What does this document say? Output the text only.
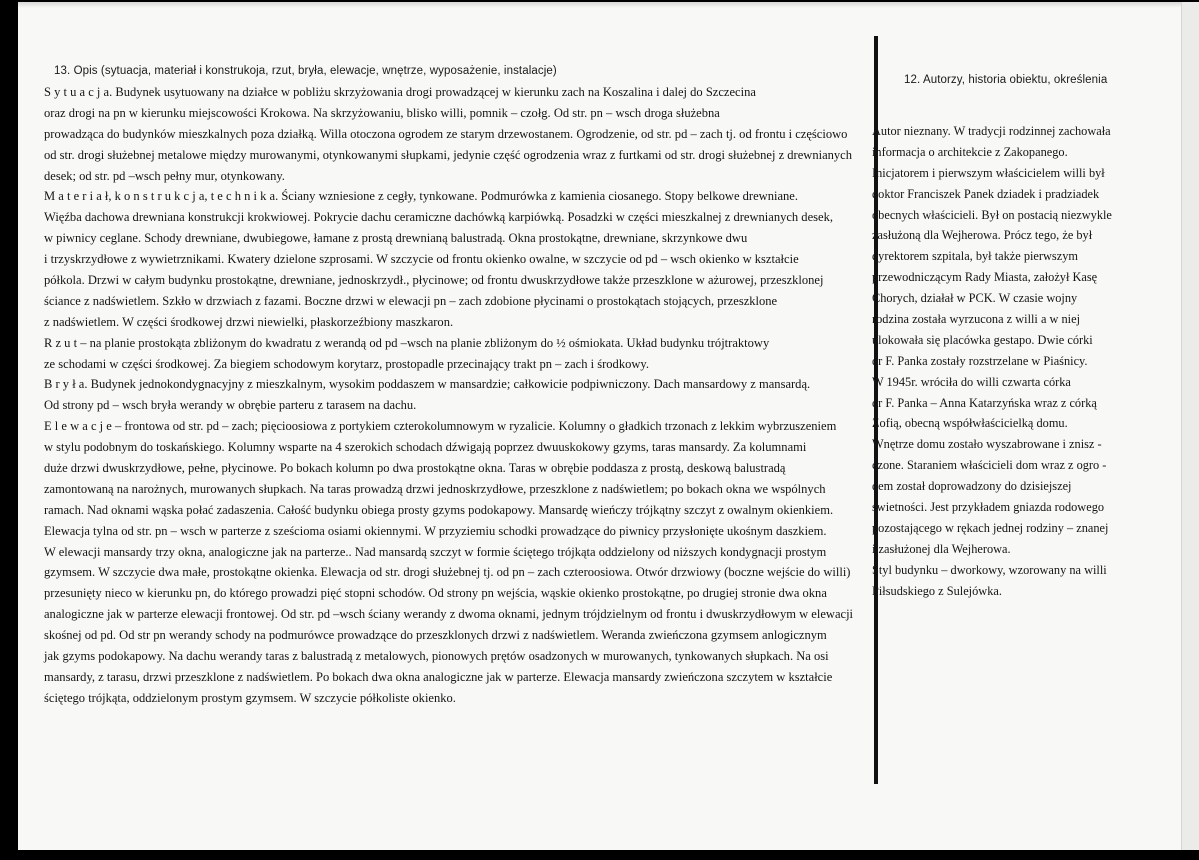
13. Opis (sytuacja, materiał i konstrukoja, rzut, bryła, elewacje, wnętrze, wyposażenie, instalacje)
S y t u a c j a. Budynek usytuowany na działce w pobliżu skrzyżowania drogi prowadzącej w kierunku zach na Koszalina i dalej do Szczecina
oraz drogi na pn w kierunku miejscowości Krokowa. Na skrzyżowaniu, blisko willi, pomnik – czołg. Od str. pn – wsch droga służebna
prowadząca do budynków mieszkalnych poza działką. Willa otoczona ogrodem ze starym drzewostanem. Ogrodzenie, od str. pd – zach tj. od frontu i częściowo
od str. drogi służebnej metalowe między murowanymi, otynkowanymi słupkami, jedynie część ogrodzenia wraz z furtkami od str. drogi służebnej z drewnianych
desek; od str. pd –wsch pełny mur, otynkowany.
M a t e r i a ł, k o n s t r u k c j a, t e c h n i k a. Ściany wzniesione z cegły, tynkowane. Podmurówka z kamienia ciosanego. Stopy belkowe drewniane.
Więźba dachowa drewniana konstrukcji krokwiowej. Pokrycie dachu ceramiczne dachówką karpiówką. Posadzki w części mieszkalnej z drewnianych desek,
w piwnicy ceglane. Schody drewniane, dwubiegowe, łamane z prostą drewnianą balustradą. Okna prostokątne, drewniane, skrzynkowe dwu
i trzyskrzydłowe z wywietrznikami. Kwatery dzielone szprosami. W szczycie od frontu okienko owalne, w szczycie od pd – wsch okienko w kształcie
półkola. Drzwi w całym budynku prostokątne, drewniane, jednoskrzydł., płycinowe; od frontu dwuskrzydłowe także przeszklone w ażurowej, przeszklonej
ściance z nadświetlem. Szkło w drzwiach z fazami. Boczne drzwi w elewacji pn – zach zdobione płycinami o prostokątach stojących, przeszklone
z nadświetlem. W części środkowej drzwi niewielki, płaskorzeźbiony maszkaron.
R z u t – na planie prostokąta zbliżonym do kwadratu z werandą od pd –wsch na planie zbliżonym do ½ ośmiokata. Układ budynku trójtraktowy
ze schodami w części środkowej. Za biegiem schodowym korytarz, prostopadle przecinający trakt pn – zach i środkowy.
B r y ł a. Budynek jednokondygnacyjny z mieszkalnym, wysokim poddaszem w mansardzie; całkowicie podpiwniczony. Dach mansardowy z mansardą.
Od strony pd – wsch bryła werandy w obrębie parteru z tarasem na dachu.
E l e w a c j e – frontowa od str. pd – zach; pięcioosiowa z portykiem czterokolumnowym w ryzalicie. Kolumny o gładkich trzonach z lekkim wybrzuszeniem
w stylu podobnym do toskańskiego. Kolumny wsparte na 4 szerokich schodach dźwigają poprzez dwuuskokowy gzyms, taras mansardy. Za kolumnami
duże drzwi dwuskrzydłowe, pełne, płycinowe. Po bokach kolumn po dwa prostokątne okna. Taras w obrębie poddasza z prostą, deskową balustradą
zamontowaną na narożnych, murowanych słupkach. Na taras prowadzą drzwi jednoskrzydłowe, przeszklone z nadświetlem; po bokach okna we wspólnych
ramach. Nad oknami wąska połać zadaszenia. Całość budynku obiega prosty gzyms podokapowy. Mansardę wieńczy trójkątny szczyt z owalnym okienkiem.
Elewacja tylna od str. pn – wsch w parterze z sześcioma osiami okiennymi. W przyziemiu schodki prowadzące do piwnicy przysłonięte ukośnym daszkiem.
W elewacji mansardy trzy okna, analogiczne jak na parterze.. Nad mansardą szczyt w formie ściętego trójkąta oddzielony od niższych kondygnacji prostym
gzymsem. W szczycie dwa małe, prostokątne okienka. Elewacja od str. drogi służebnej tj. od pn – zach czteroosiowa. Otwór drzwiowy (boczne wejście do willi)
przesunięty nieco w kierunku pn, do którego prowadzi pięć stopni schodów. Od strony pn wejścia, wąskie okienko prostokątne, po drugiej stronie dwa okna
analogiczne jak w parterze elewacji frontowej. Od str. pd –wsch ściany werandy z dwoma oknami, jednym trójdzielnym od frontu i dwuskrzydłowym w elewacji
skośnej od pd. Od str pn werandy schody na podmurówce prowadzące do przeszklonych drzwi z nadświetlem. Weranda zwieńczona gzymsem anlogicznym
jak gzyms podokapowy. Na dachu werandy taras z balustradą z metalowych, pionowych prętów osadzonych w murowanych, tynkowanych słupkach. Na osi
mansardy, z tarasu, drzwi przeszklone z nadświetlem. Po bokach dwa okna analogiczne jak w parterze. Elewacja mansardy zwieńczona szczytem w kształcie
ściętego trójkąta, oddzielonym prostym gzymsem. W szczycie półkoliste okienko.
12. Autorzy, historia obiektu, określenia
Autor nieznany. W tradycji rodzinnej zachowała
informacja o architekcie z Zakopanego.
Inicjatorem i pierwszym właścicielem willi był
doktor Franciszek Panek dziadek i pradziadek
obecnych właścicieli. Był on postacią niezwykle
zasłużoną dla Wejherowa. Prócz tego, że był
dyrektorem szpitala, był także pierwszym
przewodniczącym Rady Miasta, założył Kasę
Chorych, działał w PCK. W czasie wojny
rodzina została wyrzucona z willi a w niej
ulokowała się placówka gestapo. Dwie córki
dr F. Panka zostały rozstrzelane w Piaśnicy.
W 1945r. wróciła do willi czwarta córka
dr F. Panka – Anna Katarzyńska wraz z córką
Zofią, obecną współwłaścicielką domu.
Wnętrze domu zostało wyszabrowane i znisz -
czone. Staraniem właścicieli dom wraz z ogro -
dem został doprowadzony do dzisiejszej
świetności. Jest przykładem gniazda rodowego
pozostającego w rękach jednej rodziny – znanej
i zasłużonej dla Wejherowa.
Styl budynku – dworkowy, wzorowany na willi
Piłsudskiego z Sulejówka.
